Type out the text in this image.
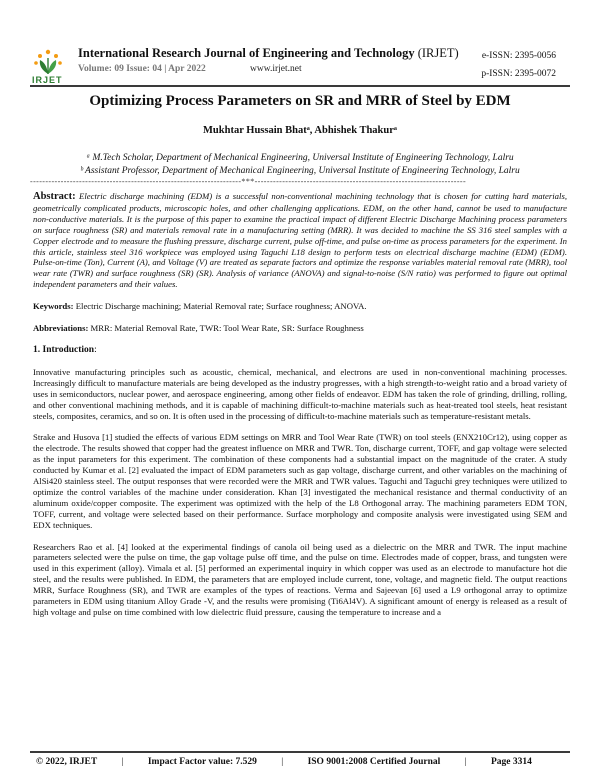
IRJET
International Research Journal of Engineering and Technology (IRJET)
Volume: 09 Issue: 04 | Apr 2022	www.irjet.net
e-ISSN: 2395-0056
p-ISSN: 2395-0072
Optimizing Process Parameters on SR and MRR of Steel by EDM
Mukhtar Hussain Bhatᵃ, Abhishek Thakurᵃ
ᵃ M.Tech Scholar, Department of Mechanical Engineering, Universal Institute of Engineering Technology, Lalru
ᵇ Assistant Professor, Department of Mechanical Engineering, Universal Institute of Engineering Technology, Lalru
---------------------------------------------------------------------***---------------------------------------------------------------------
Abstract: Electric discharge machining (EDM) is a successful non-conventional machining technology that is chosen for cutting hard materials, geometrically complicated products, microscopic holes, and other challenging applications. EDM, on the other hand, cannot be used to manufacture non-conductive materials. It is the purpose of this paper to examine the practical impact of different Electric Discharge Machining process parameters on surface roughness (SR) and materials removal rate in a manufacturing setting (MRR). It was decided to machine the SS 316 steel samples with a Copper electrode and to measure the flushing pressure, discharge current, pulse off-time, and pulse on-time as process parameters for the experiment. In this article, stainless steel 316 workpiece was employed using Taguchi L18 design to perform tests on electrical discharge machine (EDM) (EDM). Pulse-on-time (Ton), Current (A), and Voltage (V) are treated as separate factors and optimize the response variables material removal rate (MRR), tool wear rate (TWR) and surface roughness (SR) (SR). Analysis of variance (ANOVA) and signal-to-noise (S/N ratio) was performed to figure out optimal independent parameters and their values.
Keywords: Electric Discharge machining; Material Removal rate; Surface roughness; ANOVA.
Abbreviations: MRR: Material Removal Rate, TWR: Tool Wear Rate, SR: Surface Roughness
1. Introduction:
Innovative manufacturing principles such as acoustic, chemical, mechanical, and electrons are used in non-conventional machining processes. Increasingly difficult to manufacture materials are being developed as the industry progresses, with a high strength-to-weight ratio and a broad variety of uses in semiconductors, nuclear power, and aerospace engineering, among other fields of endeavor. EDM has taken the role of grinding, drilling, rolling, and other conventional machining methods, and it is capable of machining difficult-to-machine materials such as heat-treated tool steels, heat resistant steels, composites, ceramics, and so on. It is often used in the processing of difficult-to-machine materials such as temperature-resistant metals.
Strake and Husova [1] studied the effects of various EDM settings on MRR and Tool Wear Rate (TWR) on tool steels (ENX210Cr12), using copper as the electrode. The results showed that copper had the greatest influence on MRR and TWR. Ton, discharge current, TOFF, and gap voltage were selected as the input parameters for this experiment. The combination of these components had a substantial impact on the magnitude of the crater. A study conducted by Kumar et al. [2] evaluated the impact of EDM parameters such as gap voltage, discharge current, and other variables on the machining of AlSi420 stainless steel. The output responses that were recorded were the MRR and TWR values. Taguchi and Taguchi grey techniques were utilized to optimize the control variables of the machine under consideration. Khan [3] investigated the mechanical resistance and thermal conductivity of an aluminum oxide/copper composite. The experiment was optimized with the help of the L8 Orthogonal array. The machining parameters EDM TON, TOFF, current, and voltage were selected based on their performance. Surface morphology and composite analysis were investigated using SEM and EDX techniques.
Researchers Rao et al. [4] looked at the experimental findings of canola oil being used as a dielectric on the MRR and TWR. The input machine parameters selected were the pulse on time, the gap voltage pulse off time, and the pulse on time. Electrodes made of copper, brass, and tungsten were used in this experiment (alloy). Vimala et al. [5] performed an experimental inquiry in which copper was used as an electrode to manufacture hot die steel, and the results were published. In EDM, the parameters that are employed include current, tone, voltage, and magnetic field. The output reactions MRR, Surface Roughness (SR), and TWR are examples of the types of reactions. Verma and Sajeevan [6] used a L9 orthogonal array to optimize parameters in EDM using titanium Alloy Grade -V, and the results were promising (Ti6Al4V). A significant amount of energy is released as a result of high voltage and pulse on time combined with low dielectric fluid pressure, causing the temperature to increase and a
© 2022, IRJET	|	Impact Factor value: 7.529	|	ISO 9001:2008 Certified Journal	|	Page 3314
